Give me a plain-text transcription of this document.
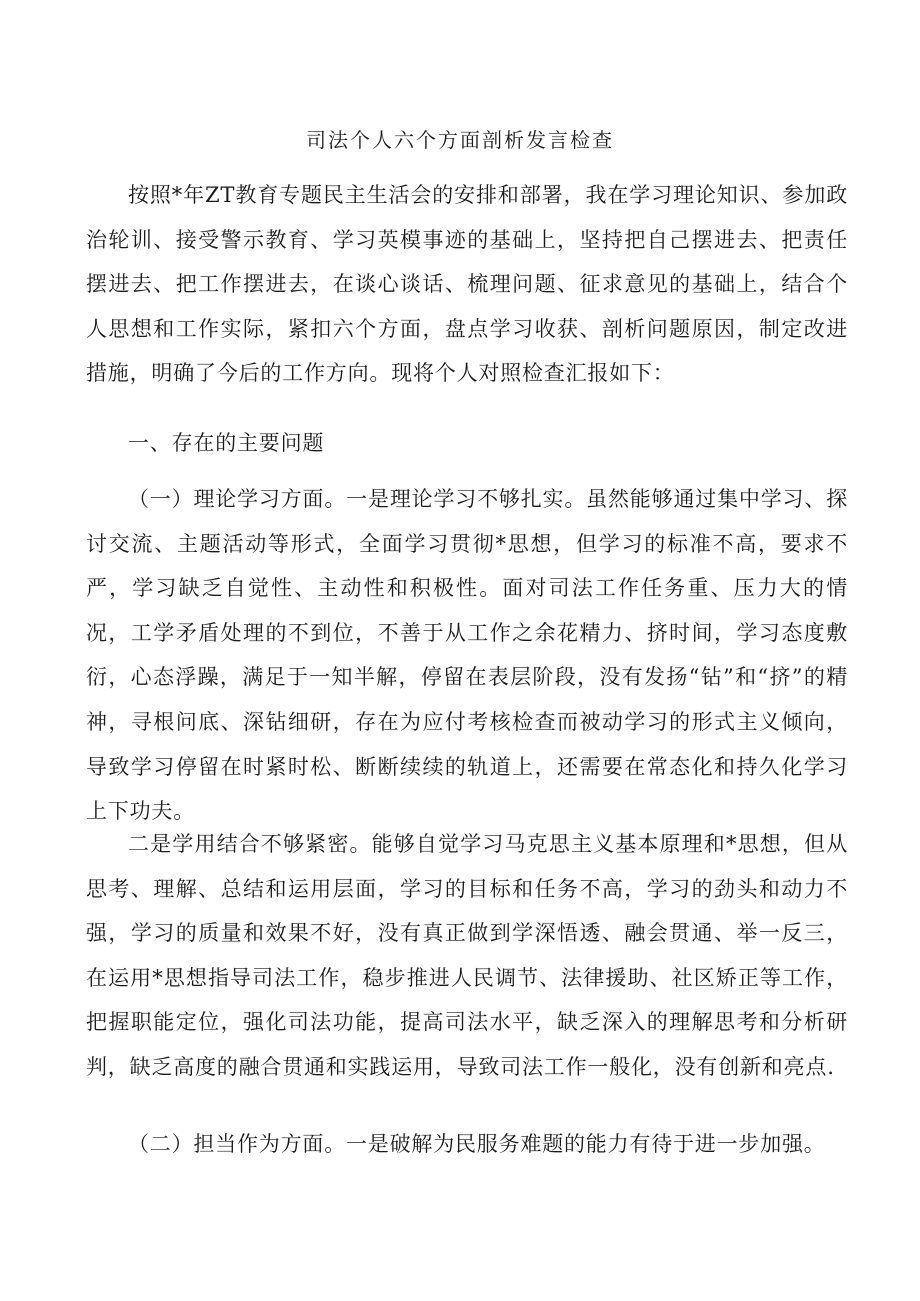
司法个人六个方面剖析发言检查

按照*年ZT教育专题民主生活会的安排和部署，我在学习理论知识、参加政治轮训、接受警示教育、学习英模事迹的基础上，坚持把自己摆进去、把责任摆进去、把工作摆进去，在谈心谈话、梳理问题、征求意见的基础上，结合个人思想和工作实际，紧扣六个方面，盘点学习收获、剖析问题原因，制定改进措施，明确了今后的工作方向。现将个人对照检查汇报如下：

一、存在的主要问题

（一）理论学习方面。一是理论学习不够扎实。虽然能够通过集中学习、探讨交流、主题活动等形式，全面学习贯彻*思想，但学习的标准不高，要求不严，学习缺乏自觉性、主动性和积极性。面对司法工作任务重、压力大的情况，工学矛盾处理的不到位，不善于从工作之余花精力、挤时间，学习态度敷衍，心态浮躁，满足于一知半解，停留在表层阶段，没有发扬“钻”和“挤”的精神，寻根问底、深钻细研，存在为应付考核检查而被动学习的形式主义倾向，导致学习停留在时紧时松、断断续续的轨道上，还需要在常态化和持久化学习上下功夫。

二是学用结合不够紧密。能够自觉学习马克思主义基本原理和*思想，但从思考、理解、总结和运用层面，学习的目标和任务不高，学习的劲头和动力不强，学习的质量和效果不好，没有真正做到学深悟透、融会贯通、举一反三，在运用*思想指导司法工作，稳步推进人民调节、法律援助、社区矫正等工作，把握职能定位，强化司法功能，提高司法水平，缺乏深入的理解思考和分析研判，缺乏高度的融合贯通和实践运用，导致司法工作一般化，没有创新和亮点.

（二）担当作为方面。一是破解为民服务难题的能力有待于进一步加强。
